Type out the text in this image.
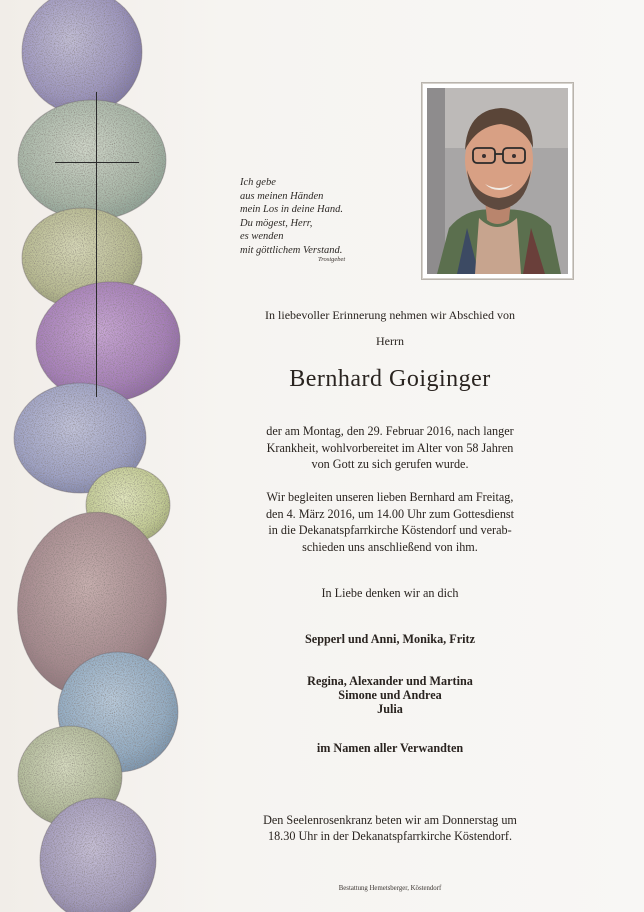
Ich gebe
aus meinen Händen
mein Los in deine Hand.
Du mögest, Herr,
es wenden
mit göttlichem Verstand.
Trostgebet
In liebevoller Erinnerung nehmen wir Abschied von
Herrn
Bernhard Goiginger
der am Montag, den 29. Februar 2016, nach langer
Krankheit, wohlvorbereitet im Alter von 58 Jahren
von Gott zu sich gerufen wurde.
Wir begleiten unseren lieben Bernhard am Freitag,
den 4. März 2016, um 14.00 Uhr zum Gottesdienst
in die Dekanatspfarrkirche Köstendorf und verab-
schieden uns anschließend von ihm.
In Liebe denken wir an dich
Sepperl und Anni, Monika, Fritz
Regina, Alexander und Martina
Simone und Andrea
Julia
im Namen aller Verwandten
Den Seelenrosenkranz beten wir am Donnerstag um
18.30 Uhr in der Dekanatspfarrkirche Köstendorf.
Bestattung Hemetsberger, Köstendorf
